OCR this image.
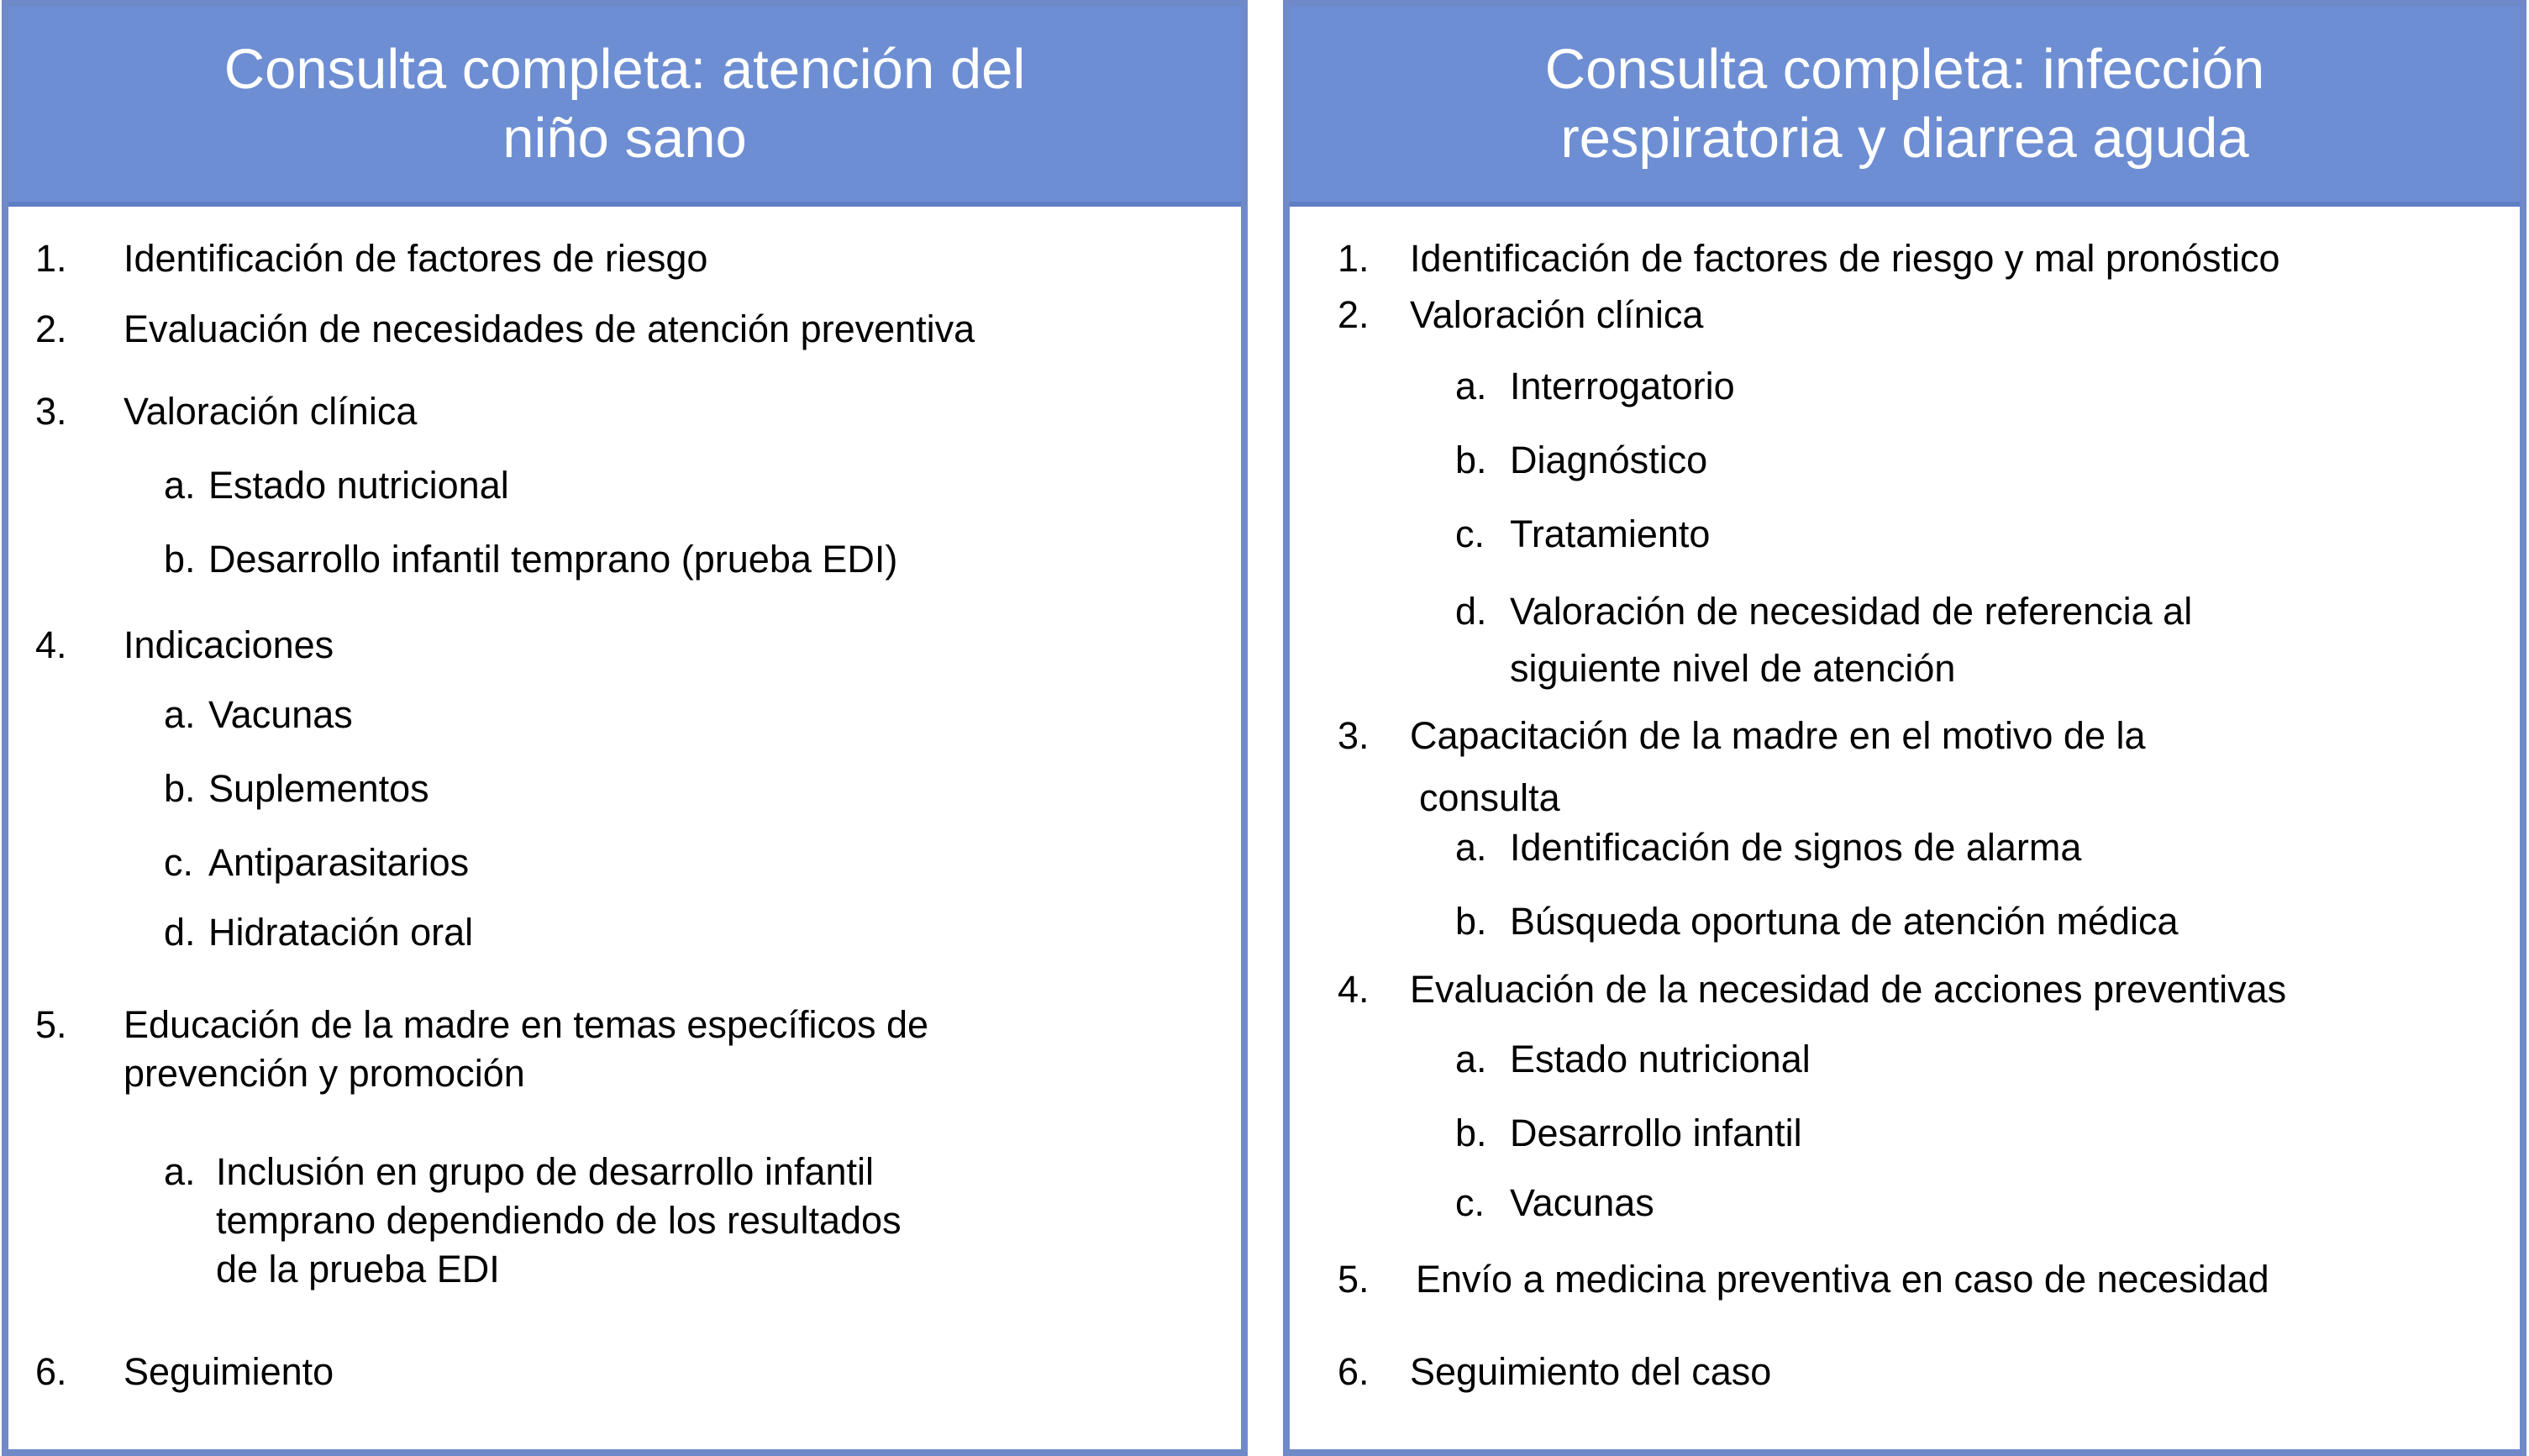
Consulta completa: atención del
niño sano
1. Identificación de factores de riesgo
2. Evaluación de necesidades de atención preventiva
3. Valoración clínica
a. Estado nutricional
b. Desarrollo infantil temprano (prueba EDI)
4. Indicaciones
a. Vacunas
b. Suplementos
c. Antiparasitarios
d. Hidratación oral
5. Educación de la madre en temas específicos de
prevención y promoción
a. Inclusión en grupo de desarrollo infantil
temprano dependiendo de los resultados
de la prueba EDI
6. Seguimiento
Consulta completa: infección
respiratoria y diarrea aguda
1. Identificación de factores de riesgo y mal pronóstico
2. Valoración clínica
a. Interrogatorio
b. Diagnóstico
c. Tratamiento
d. Valoración de necesidad de referencia al
siguiente nivel de atención
3. Capacitación de la madre en el motivo de la
consulta
a. Identificación de signos de alarma
b. Búsqueda oportuna de atención médica
4. Evaluación de la necesidad de acciones preventivas
a. Estado nutricional
b. Desarrollo infantil
c. Vacunas
5. Envío a medicina preventiva en caso de necesidad
6. Seguimiento del caso
